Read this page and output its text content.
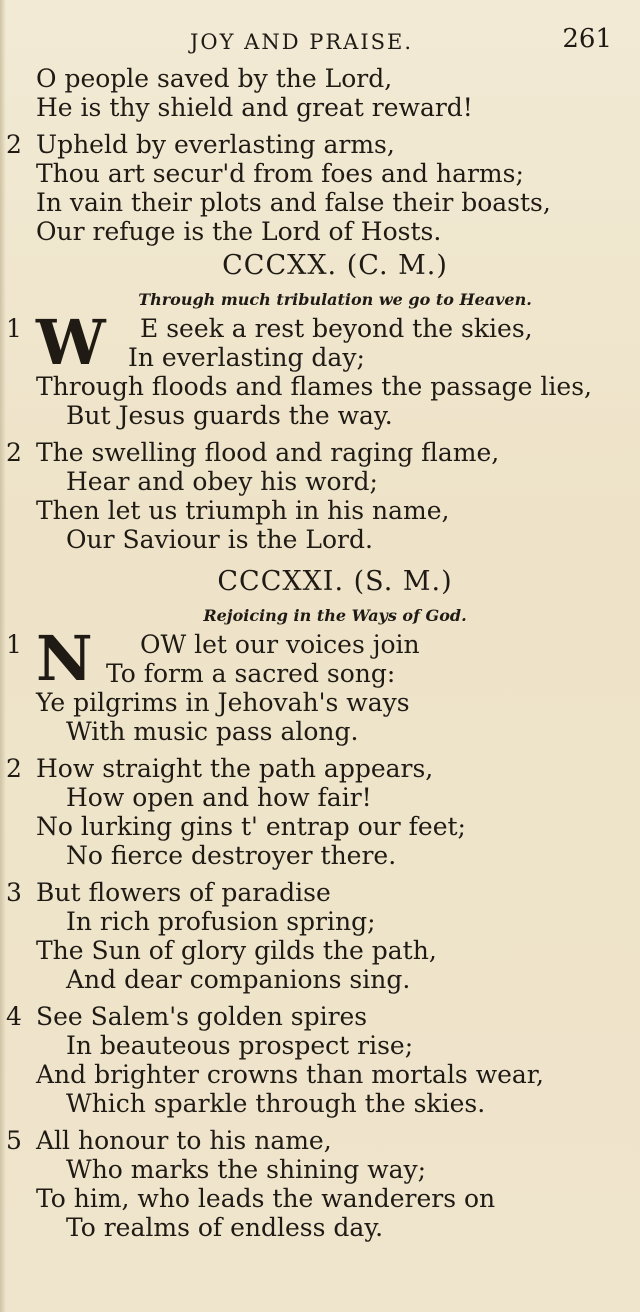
JOY AND PRAISE.	261
O people saved by the Lord,
He is thy shield and great reward!
2 Upheld by everlasting arms,
Thou art secur'd from foes and harms;
In vain their plots and false their boasts,
Our refuge is the Lord of Hosts.
CCCXX. (C. M.)
Through much tribulation we go to Heaven.
1 W E seek a rest beyond the skies,
In everlasting day;
Through floods and flames the passage lies,
But Jesus guards the way.
2 The swelling flood and raging flame,
Hear and obey his word;
Then let us triumph in his name,
Our Saviour is the Lord.
CCCXXI. (S. M.)
Rejoicing in the Ways of God.
1 N OW let our voices join
To form a sacred song:
Ye pilgrims in Jehovah's ways
With music pass along.
2 How straight the path appears,
How open and how fair!
No lurking gins t' entrap our feet;
No fierce destroyer there.
3 But flowers of paradise
In rich profusion spring;
The Sun of glory gilds the path,
And dear companions sing.
4 See Salem's golden spires
In beauteous prospect rise;
And brighter crowns than mortals wear,
Which sparkle through the skies.
5 All honour to his name,
Who marks the shining way;
To him, who leads the wanderers on
To realms of endless day.
